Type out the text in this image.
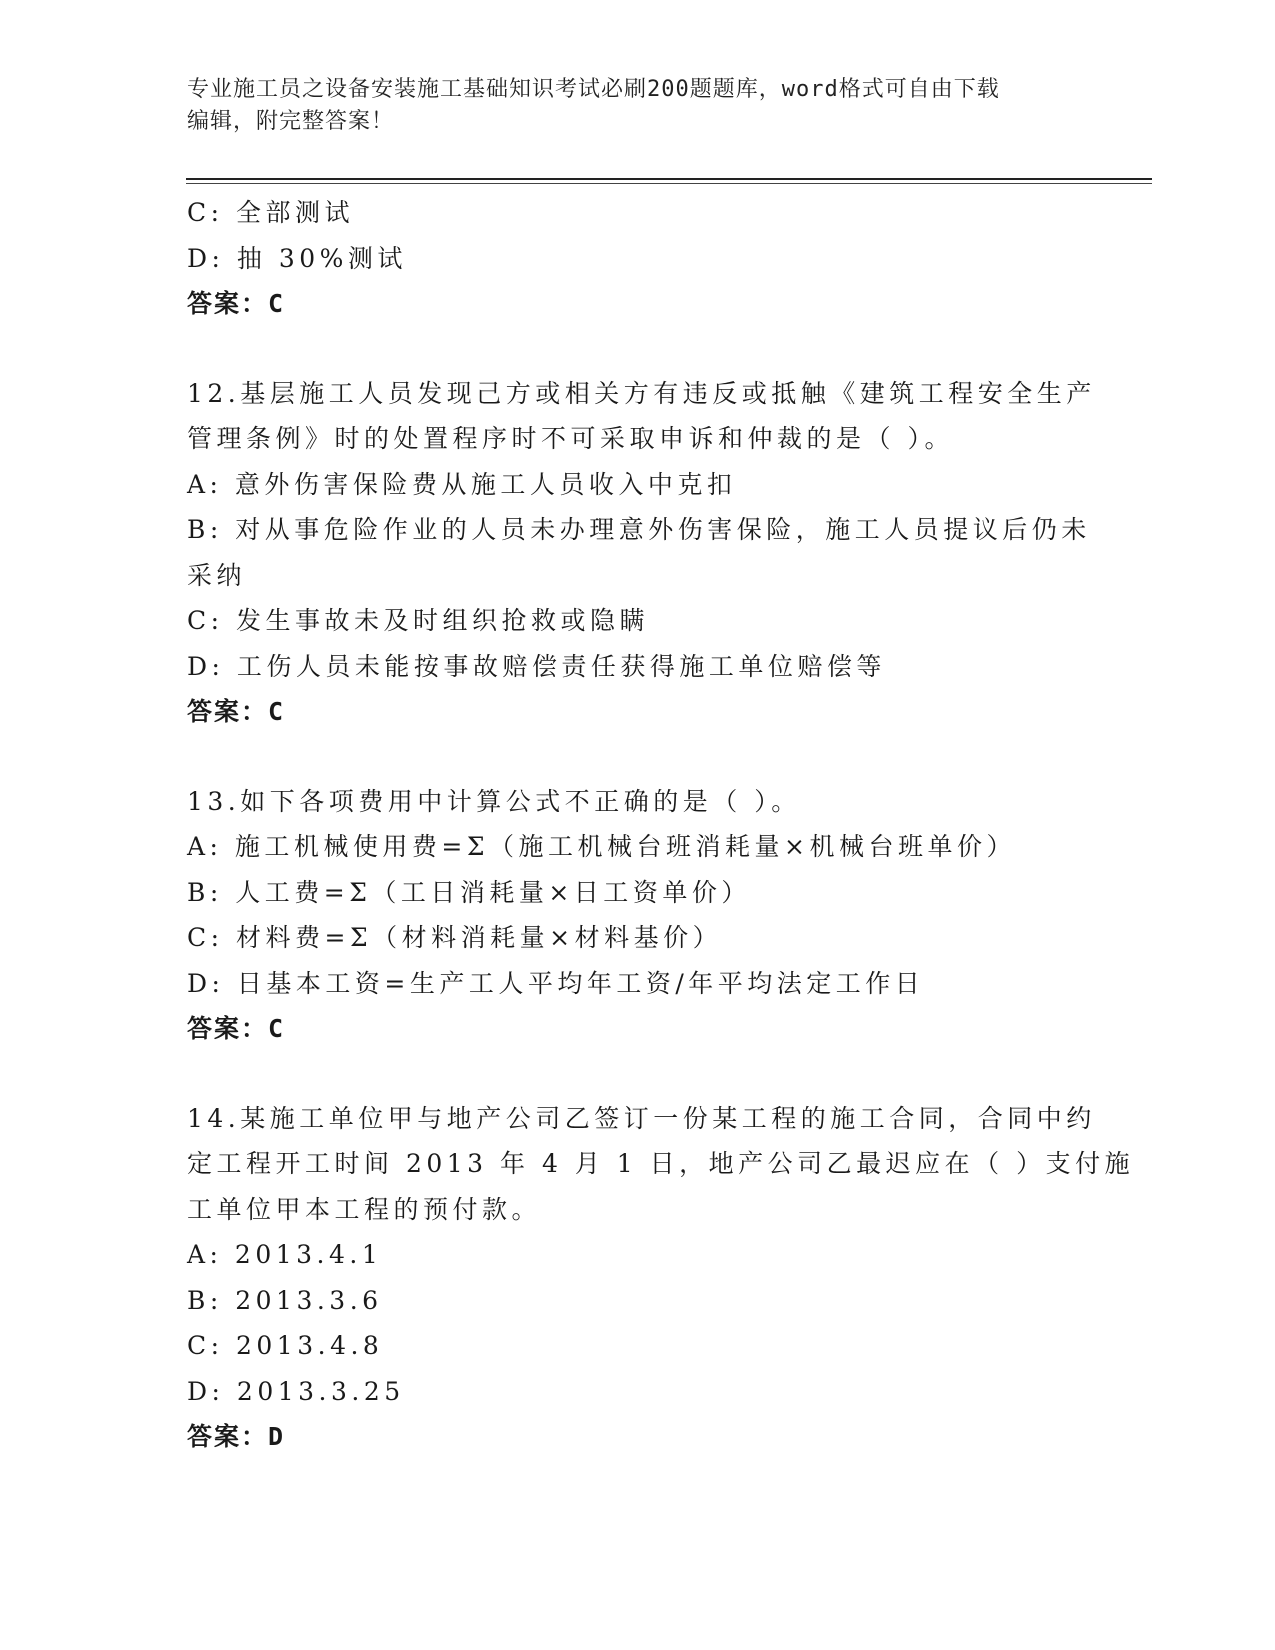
专业施工员之设备安装施工基础知识考试必刷200题题库，word格式可自由下载
编辑，附完整答案！
C: 全部测试
D: 抽 30%测试
答案：C
12.基层施工人员发现己方或相关方有违反或抵触《建筑工程安全生产
管理条例》时的处置程序时不可采取申诉和仲裁的是（ ）。
A: 意外伤害保险费从施工人员收入中克扣
B: 对从事危险作业的人员未办理意外伤害保险，施工人员提议后仍未
采纳
C: 发生事故未及时组织抢救或隐瞒
D: 工伤人员未能按事故赔偿责任获得施工单位赔偿等
答案：C
13.如下各项费用中计算公式不正确的是（ ）。
A: 施工机械使用费=Σ（施工机械台班消耗量×机械台班单价）
B: 人工费=Σ（工日消耗量×日工资单价）
C: 材料费=Σ（材料消耗量×材料基价）
D: 日基本工资=生产工人平均年工资/年平均法定工作日
答案：C
14.某施工单位甲与地产公司乙签订一份某工程的施工合同，合同中约
定工程开工时间 2013 年 4 月 1 日，地产公司乙最迟应在（ ）支付施
工单位甲本工程的预付款。
A: 2013.4.1
B: 2013.3.6
C: 2013.4.8
D: 2013.3.25
答案：D
